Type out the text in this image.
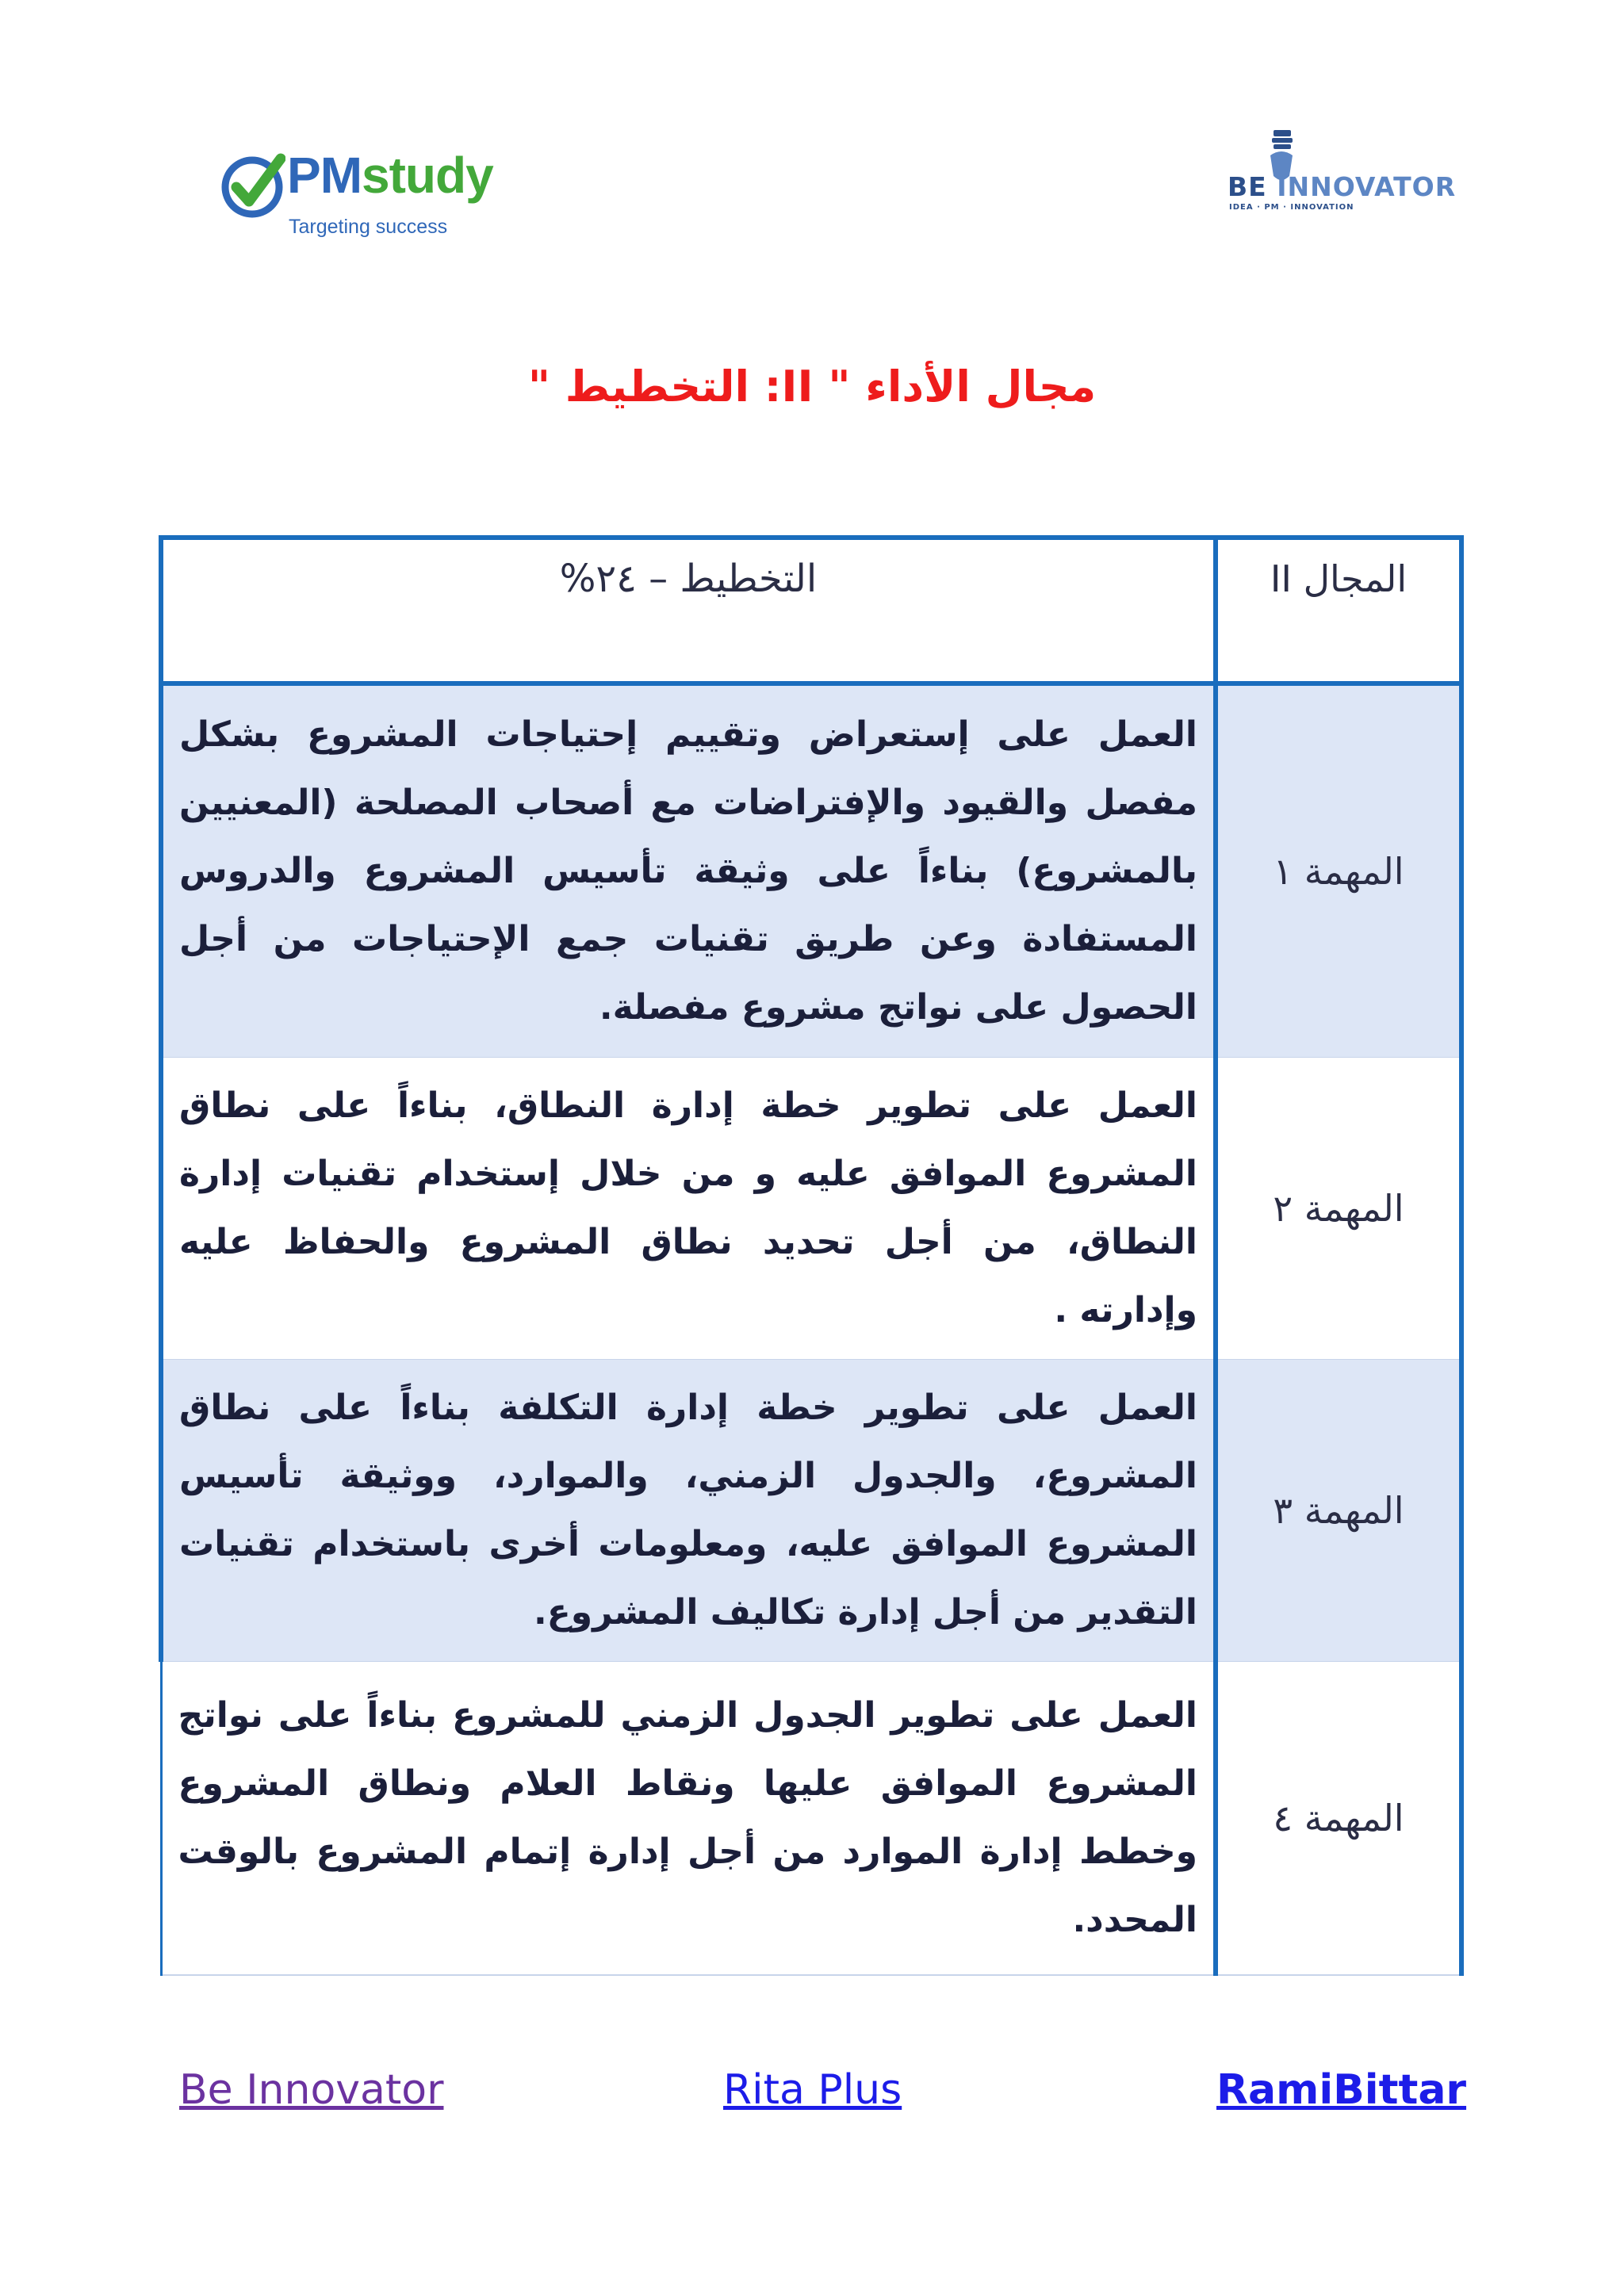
PMstudy
Targeting success
BE INNOVATOR
IDEA · PM · INNOVATION
مجال الأداء " II: التخطيط "
المجال II	التخطيط – ٢٤%
المهمة ١	العمل على إستعراض وتقييم إحتياجات المشروع بشكل مفصل والقيود والإفتراضات مع أصحاب المصلحة (المعنيين بالمشروع) بناءاً على وثيقة تأسيس المشروع والدروس المستفادة وعن طريق تقنيات جمع الإحتياجات من أجل الحصول على نواتج مشروع مفصلة.
المهمة ٢	العمل على تطوير خطة إدارة النطاق، بناءاً على نطاق المشروع الموافق عليه و من خلال إستخدام تقنيات إدارة النطاق، من أجل تحديد نطاق المشروع والحفاظ عليه وإدارته .
المهمة ٣	العمل على تطوير خطة إدارة التكلفة بناءاً على نطاق المشروع، والجدول الزمني، والموارد، ووثيقة تأسيس المشروع الموافق عليه، ومعلومات أخرى باستخدام تقنيات التقدير من أجل إدارة تكاليف المشروع.
المهمة ٤	العمل على تطوير الجدول الزمني للمشروع بناءاً على نواتج المشروع الموافق عليها ونقاط العلام ونطاق المشروع وخطط إدارة الموارد من أجل إدارة إتمام المشروع بالوقت المحدد.
Be Innovator	Rita Plus	RamiBittar
